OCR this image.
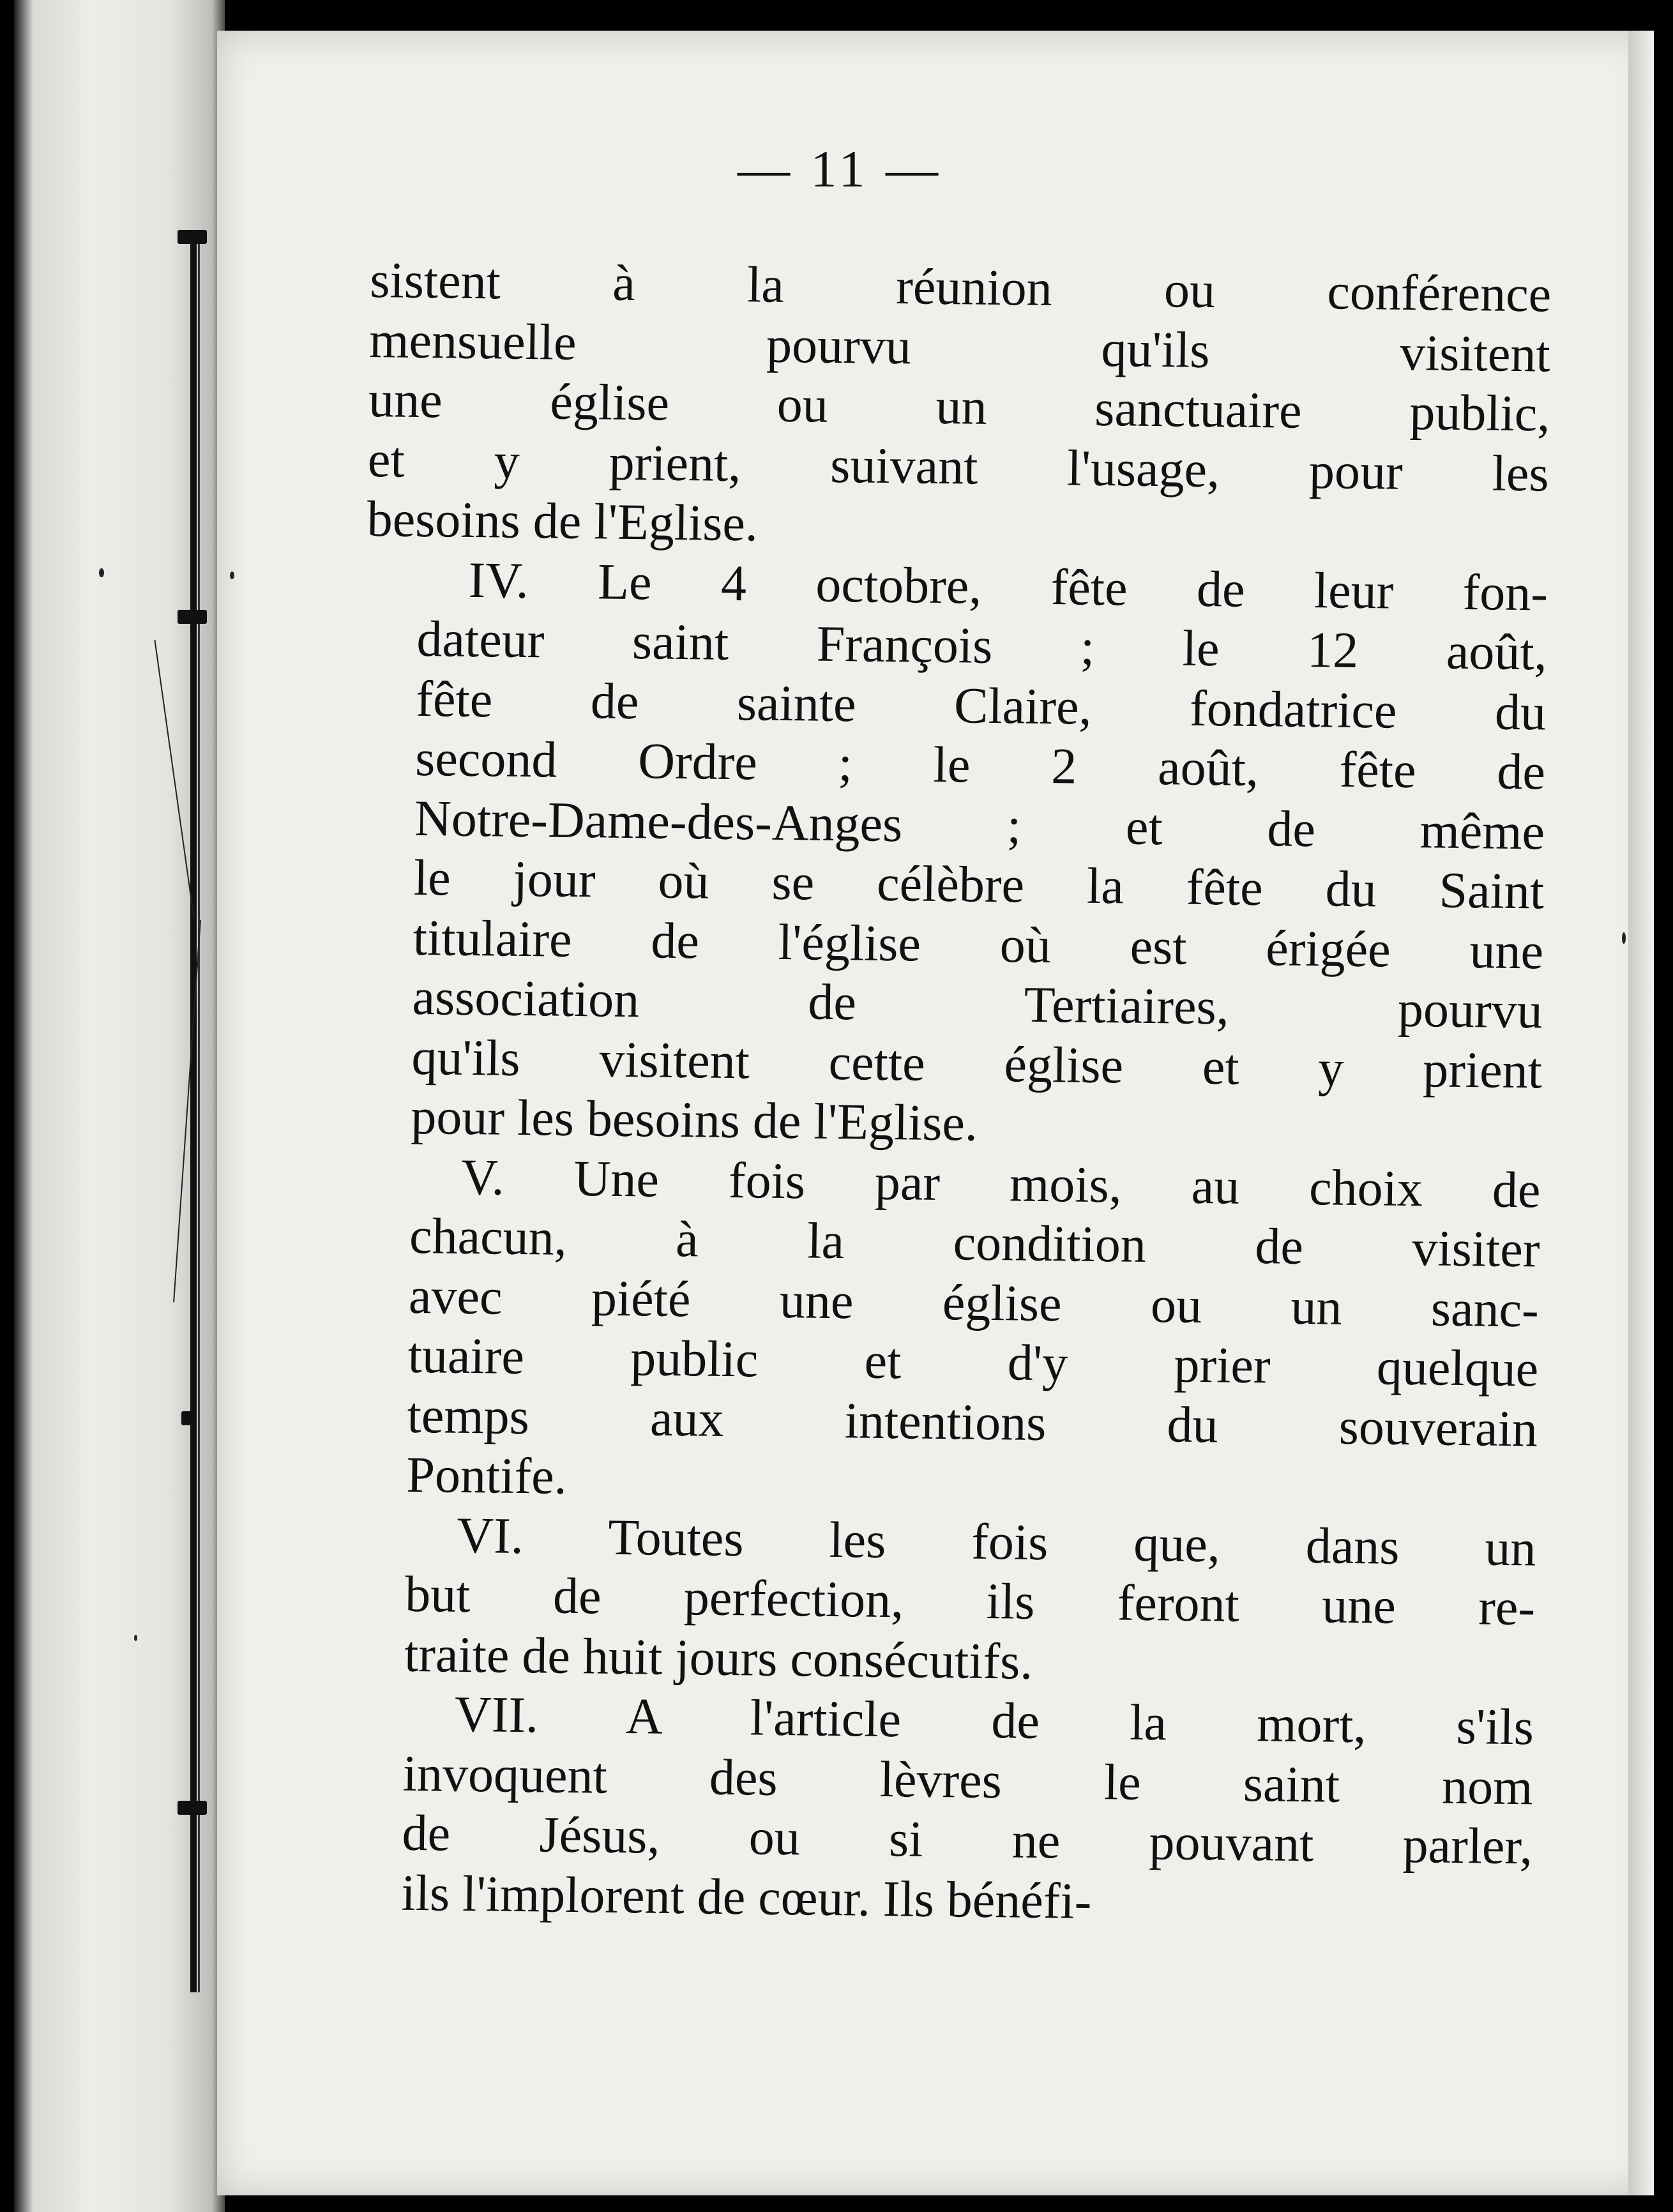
— 11 —
sistent à la réunion ou conférence
mensuelle pourvu qu'ils visitent
une église ou un sanctuaire public,
et y prient, suivant l'usage, pour les
besoins de l'Eglise.
IV. Le 4 octobre, fête de leur fon-
dateur saint François ; le 12 août,
fête de sainte Claire, fondatrice du
second Ordre ; le 2 août, fête de
Notre-Dame-des-Anges ; et de même
le jour où se célèbre la fête du Saint
titulaire de l'église où est érigée une
association de Tertiaires, pourvu
qu'ils visitent cette église et y prient
pour les besoins de l'Eglise.
V. Une fois par mois, au choix de
chacun, à la condition de visiter
avec piété une église ou un sanc-
tuaire public et d'y prier quelque
temps aux intentions du souverain
Pontife.
VI. Toutes les fois que, dans un
but de perfection, ils feront une re-
traite de huit jours consécutifs.
VII. A l'article de la mort, s'ils
invoquent des lèvres le saint nom
de Jésus, ou si ne pouvant parler,
ils l'implorent de cœur. Ils bénéfi-
